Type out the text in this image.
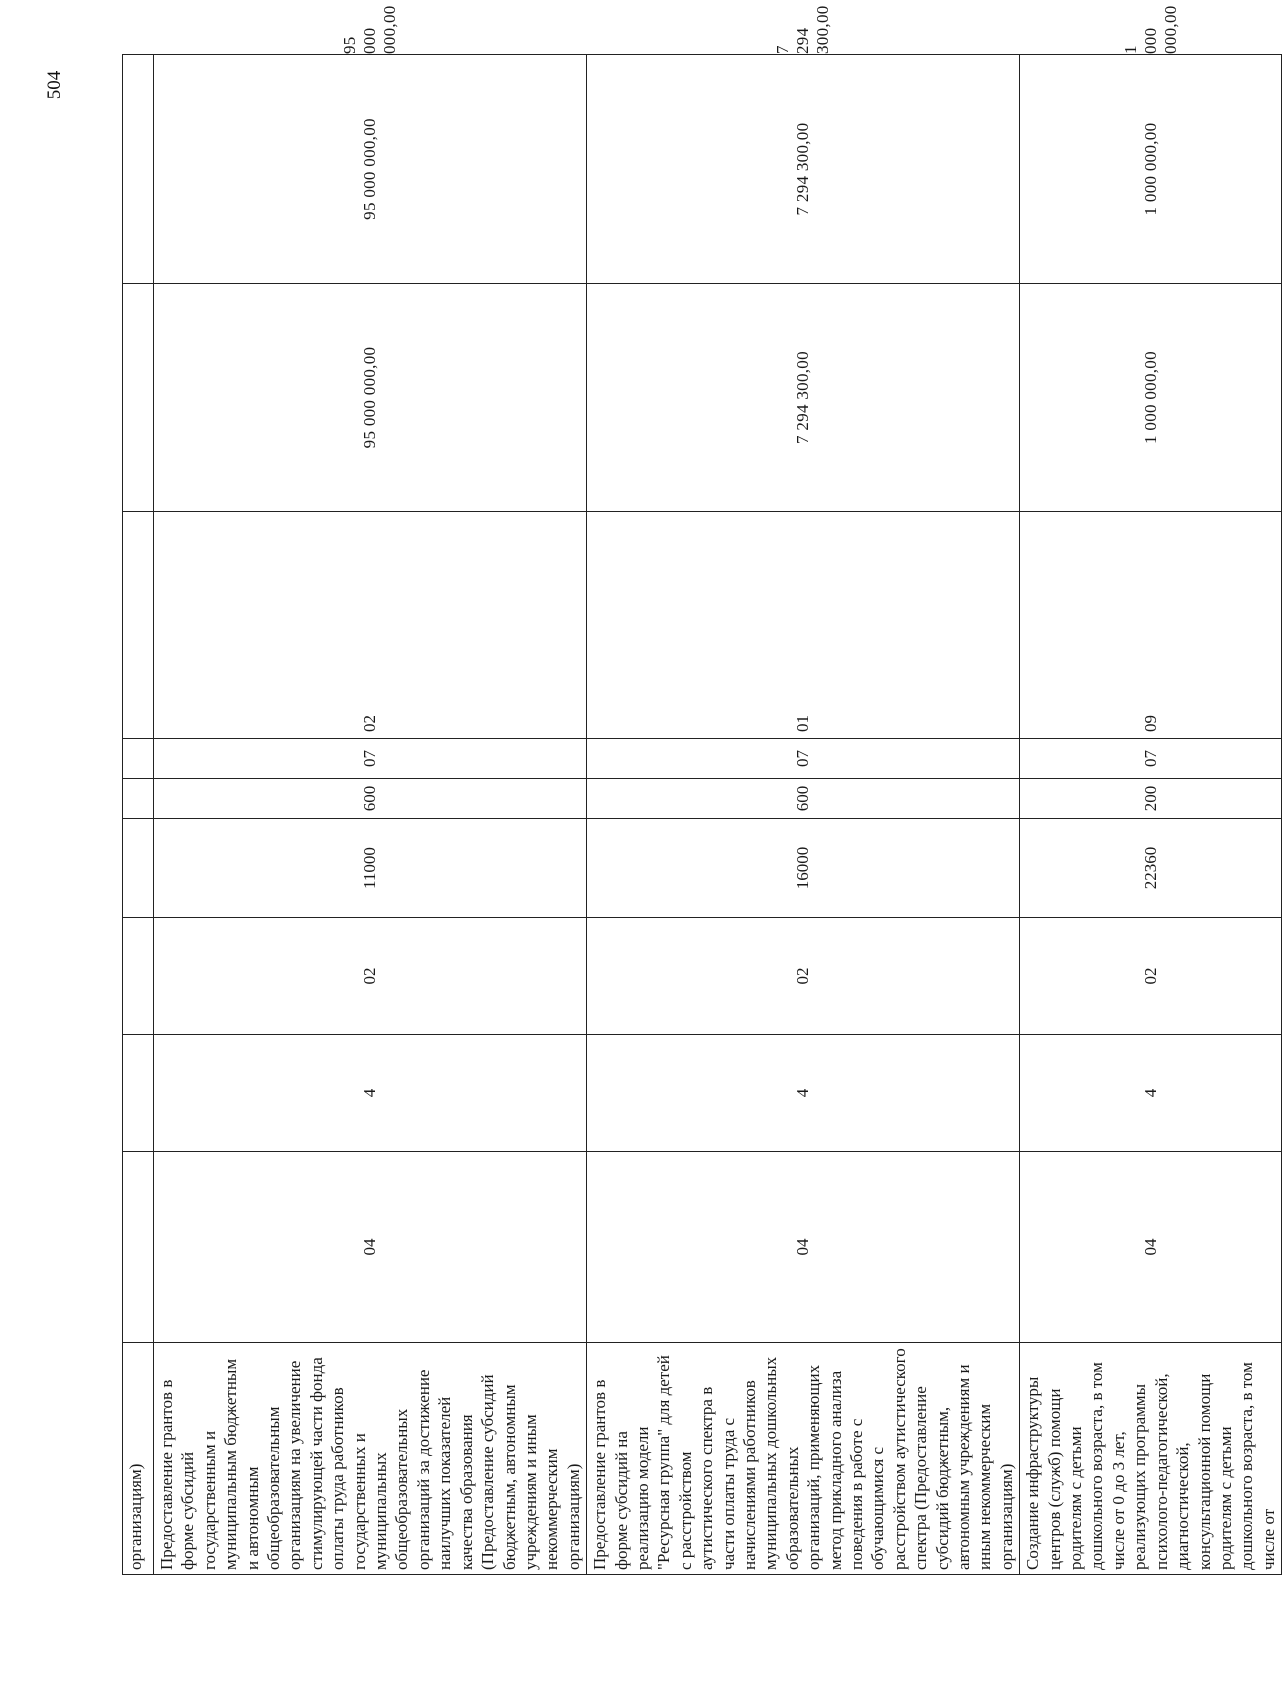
504
организациям)										
Предоставление грантов в форме субсидий государственным и муниципальным бюджетным и автономным общеобразовательным организациям на увеличение стимулирующей части фонда оплаты труда работников государственных и муниципальных общеобразовательных организаций за достижение наилучших показателей качества образования (Предоставление субсидий бюджетным, автономным учреждениям и иным некоммерческим организациям)	04	4	02	11000	600	07	02	95 000 000,00	95 000 000,00	95 000 000,00
Предоставление грантов в форме субсидий на реализацию модели "Ресурсная группа" для детей с расстройством аутистического спектра в части оплаты труда с начислениями работников муниципальных дошкольных образовательных организаций, применяющих метод прикладного анализа поведения в работе с обучающимися с расстройством аутистического спектра (Предоставление субсидий бюджетным, автономным учреждениям и иным некоммерческим организациям)	04	4	02	16000	600	07	01	7 294 300,00	7 294 300,00	7 294 300,00
Создание инфраструктуры центров (служб) помощи родителям с детьми дошкольного возраста, в том числе от 0 до 3 лет, реализующих программы психолого-педагогической, диагностической, консультационной помощи родителям с детьми дошкольного возраста, в том числе от	04	4	02	22360	200	07	09	1 000 000,00	1 000 000,00	1 000 000,00
